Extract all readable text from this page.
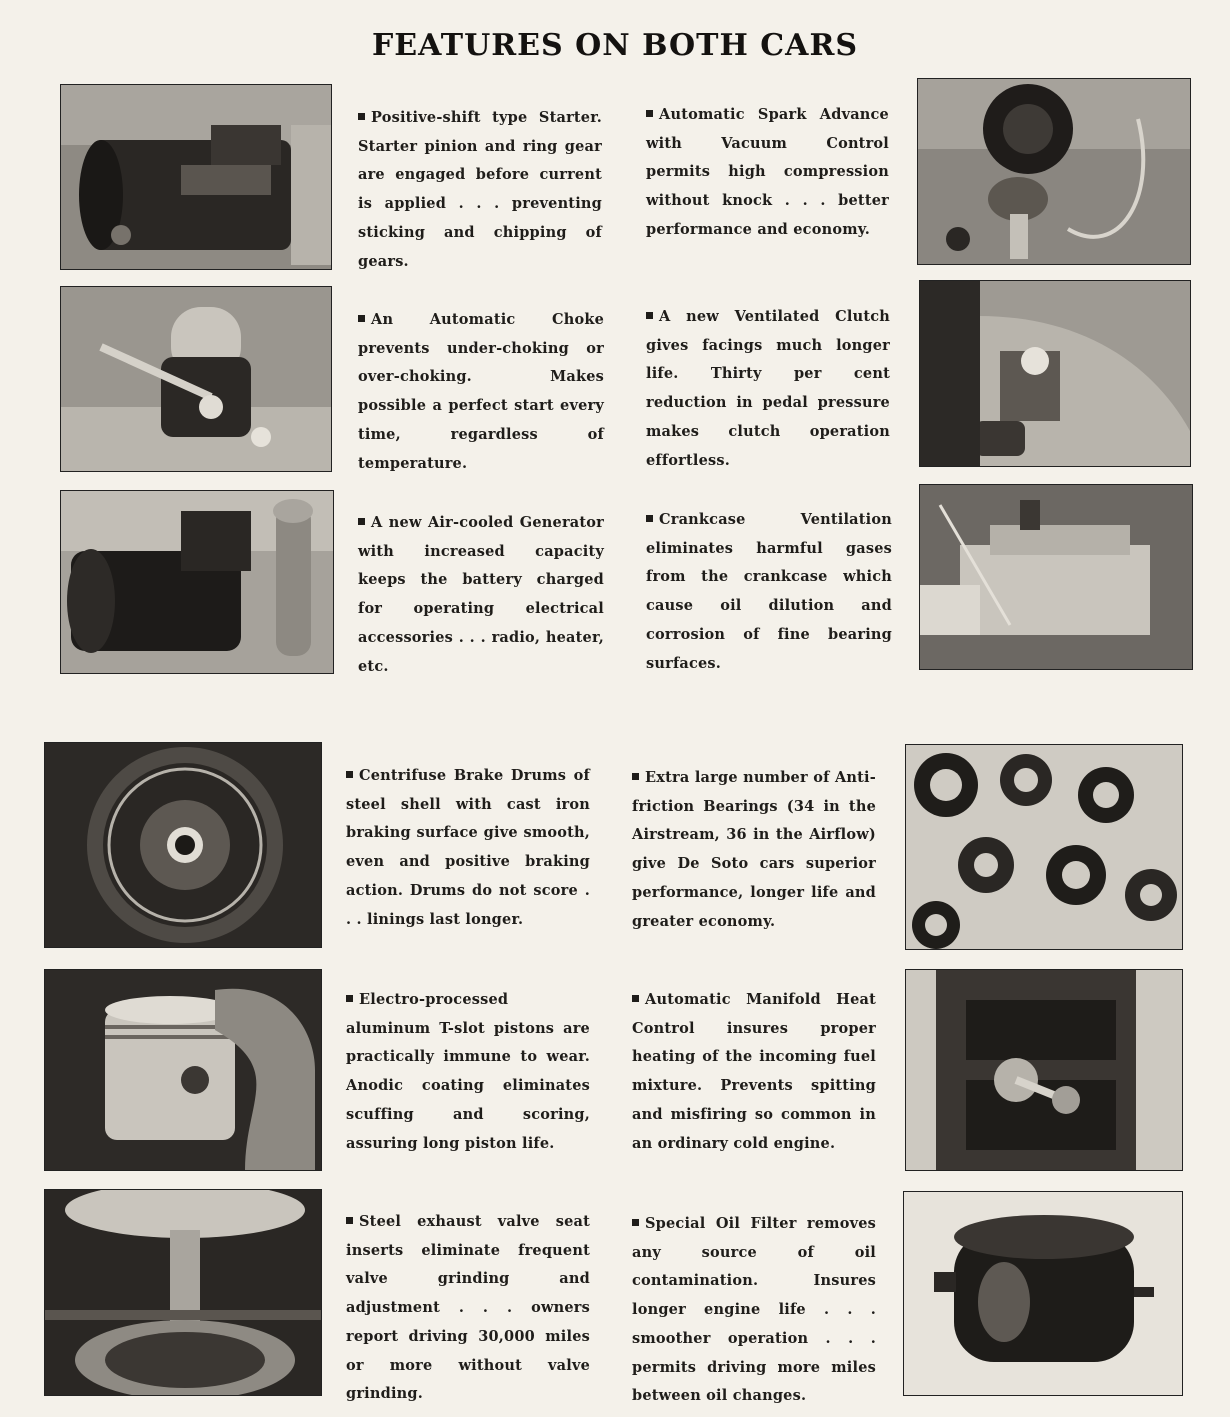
FEATURES ON BOTH CARS
Positive-shift type Starter. Starter pinion and ring gear are engaged before current is applied . . . preventing sticking and chipping of gears.
Automatic Spark Advance with Vacuum Control permits high compression without knock . . . better performance and economy.
An Automatic Choke prevents under-choking or over-choking. Makes possible a perfect start every time, regardless of temperature.
A new Ventilated Clutch gives facings much longer life. Thirty per cent reduction in pedal pressure makes clutch operation effortless.
A new Air-cooled Generator with increased capacity keeps the battery charged for operating electrical accessories . . . radio, heater, etc.
Crankcase Ventilation eliminates harmful gases from the crankcase which cause oil dilution and corrosion of fine bearing surfaces.
Centrifuse Brake Drums of steel shell with cast iron braking surface give smooth, even and positive braking action. Drums do not score . . . linings last longer.
Extra large number of Anti-friction Bearings (34 in the Airstream, 36 in the Airflow) give De Soto cars superior performance, longer life and greater economy.
Electro-processed aluminum T-slot pistons are practically immune to wear. Anodic coating eliminates scuffing and scoring, assuring long piston life.
Automatic Manifold Heat Control insures proper heating of the incoming fuel mixture. Prevents spitting and misfiring so common in an ordinary cold engine.
Steel exhaust valve seat inserts eliminate frequent valve grinding and adjustment . . . owners report driving 30,000 miles or more without valve grinding.
Special Oil Filter removes any source of oil contamination. Insures longer engine life . . . smoother operation . . . permits driving more miles between oil changes.
